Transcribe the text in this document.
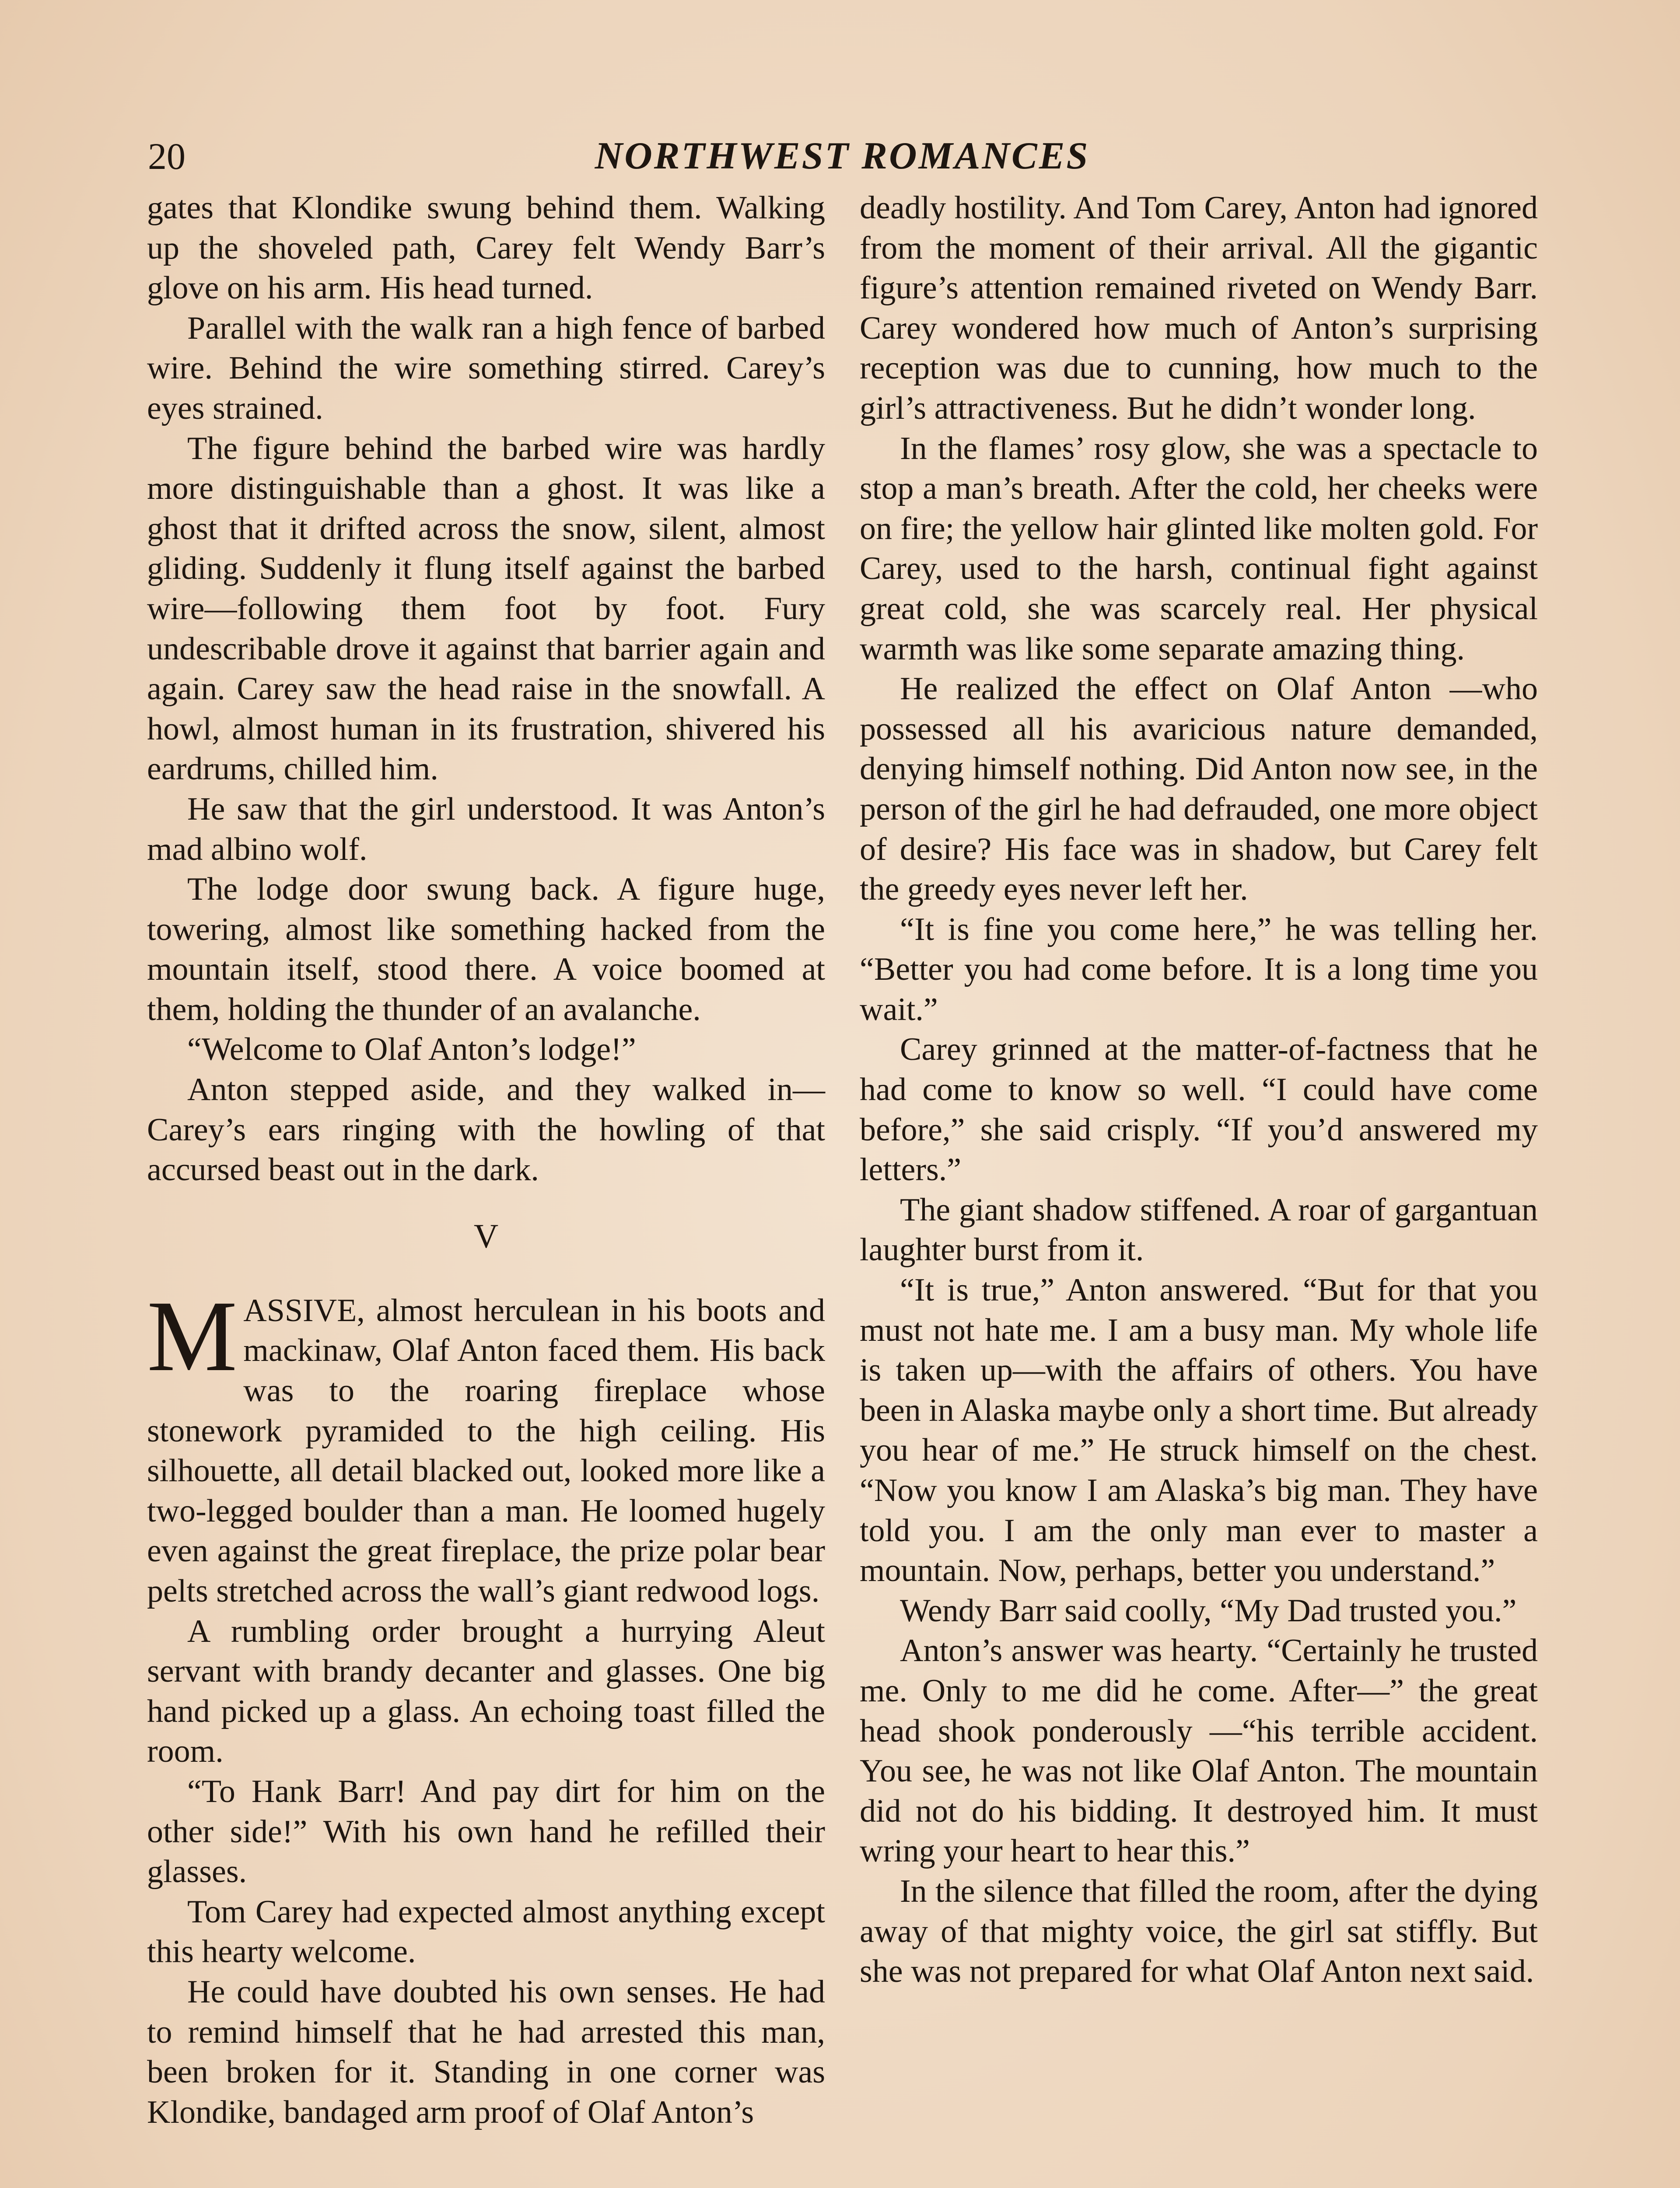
20	NORTHWEST ROMANCES

gates that Klondike swung behind them. Walking up the shoveled path, Carey felt Wendy Barr’s glove on his arm. His head turned.

Parallel with the walk ran a high fence of barbed wire. Behind the wire something stirred. Carey’s eyes strained.

The figure behind the barbed wire was hardly more distinguishable than a ghost. It was like a ghost that it drifted across the snow, silent, almost gliding. Suddenly it flung itself against the barbed wire—following them foot by foot. Fury undescribable drove it against that barrier again and again. Carey saw the head raise in the snowfall. A howl, almost human in its frustration, shivered his eardrums, chilled him.

He saw that the girl understood. It was Anton’s mad albino wolf.

The lodge door swung back. A figure huge, towering, almost like something hacked from the mountain itself, stood there. A voice boomed at them, holding the thunder of an avalanche.

“Welcome to Olaf Anton’s lodge!”

Anton stepped aside, and they walked in—Carey’s ears ringing with the howling of that accursed beast out in the dark.

V

MASSIVE, almost herculean in his boots and mackinaw, Olaf Anton faced them. His back was to the roaring fireplace whose stonework pyramided to the high ceiling. His silhouette, all detail blacked out, looked more like a two-legged boulder than a man. He loomed hugely even against the great fireplace, the prize polar bear pelts stretched across the wall’s giant redwood logs.

A rumbling order brought a hurrying Aleut servant with brandy decanter and glasses. One big hand picked up a glass. An echoing toast filled the room.

“To Hank Barr! And pay dirt for him on the other side!” With his own hand he refilled their glasses.

Tom Carey had expected almost anything except this hearty welcome.

He could have doubted his own senses. He had to remind himself that he had arrested this man, been broken for it. Standing in one corner was Klondike, bandaged arm proof of Olaf Anton’s

deadly hostility. And Tom Carey, Anton had ignored from the moment of their arrival. All the gigantic figure’s attention remained riveted on Wendy Barr. Carey wondered how much of Anton’s surprising reception was due to cunning, how much to the girl’s attractiveness. But he didn’t wonder long.

In the flames’ rosy glow, she was a spectacle to stop a man’s breath. After the cold, her cheeks were on fire; the yellow hair glinted like molten gold. For Carey, used to the harsh, continual fight against great cold, she was scarcely real. Her physical warmth was like some separate amazing thing.

He realized the effect on Olaf Anton —who possessed all his avaricious nature demanded, denying himself nothing. Did Anton now see, in the person of the girl he had defrauded, one more object of desire? His face was in shadow, but Carey felt the greedy eyes never left her.

“It is fine you come here,” he was telling her. “Better you had come before. It is a long time you wait.”

Carey grinned at the matter-of-factness that he had come to know so well. “I could have come before,” she said crisply. “If you’d answered my letters.”

The giant shadow stiffened. A roar of gargantuan laughter burst from it.

“It is true,” Anton answered. “But for that you must not hate me. I am a busy man. My whole life is taken up—with the affairs of others. You have been in Alaska maybe only a short time. But already you hear of me.” He struck himself on the chest. “Now you know I am Alaska’s big man. They have told you. I am the only man ever to master a mountain. Now, perhaps, better you understand.”

Wendy Barr said coolly, “My Dad trusted you.”

Anton’s answer was hearty. “Certainly he trusted me. Only to me did he come. After—” the great head shook ponderously —“his terrible accident. You see, he was not like Olaf Anton. The mountain did not do his bidding. It destroyed him. It must wring your heart to hear this.”

In the silence that filled the room, after the dying away of that mighty voice, the girl sat stiffly. But she was not prepared for what Olaf Anton next said.
